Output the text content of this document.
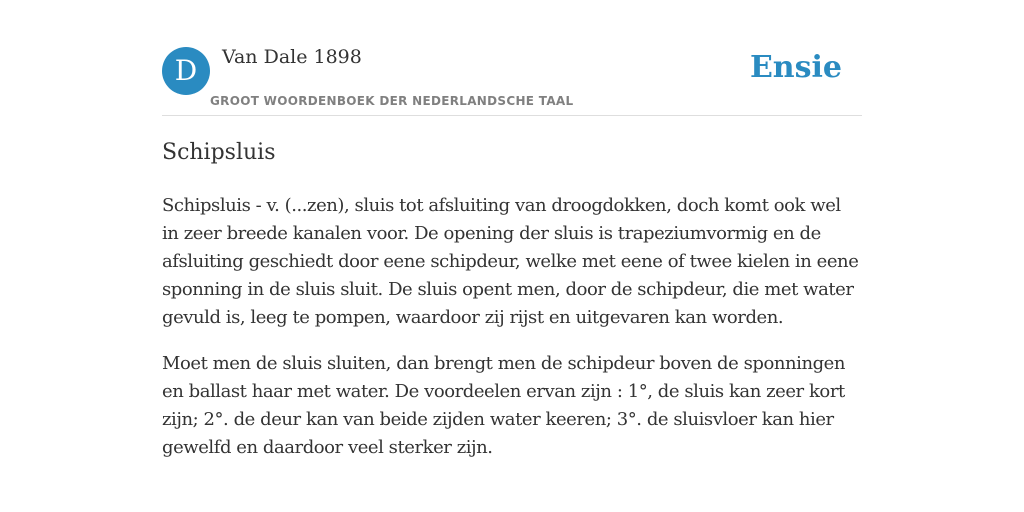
D	Van Dale 1898
GROOT WOORDENBOEK DER NEDERLANDSCHE TAAL
Ensie
Schipsluis

Schipsluis - v. (...zen), sluis tot afsluiting van droogdokken, doch komt ook wel in zeer breede kanalen voor. De opening der sluis is trapeziumvormig en de afsluiting geschiedt door eene schipdeur, welke met eene of twee kielen in eene sponning in de sluis sluit. De sluis opent men, door de schipdeur, die met water gevuld is, leeg te pompen, waardoor zij rijst en uitgevaren kan worden.

Moet men de sluis sluiten, dan brengt men de schipdeur boven de sponningen en ballast haar met water. De voordeelen ervan zijn : 1°, de sluis kan zeer kort zijn; 2°. de deur kan van beide zijden water keeren; 3°. de sluisvloer kan hier gewelfd en daardoor veel sterker zijn.
